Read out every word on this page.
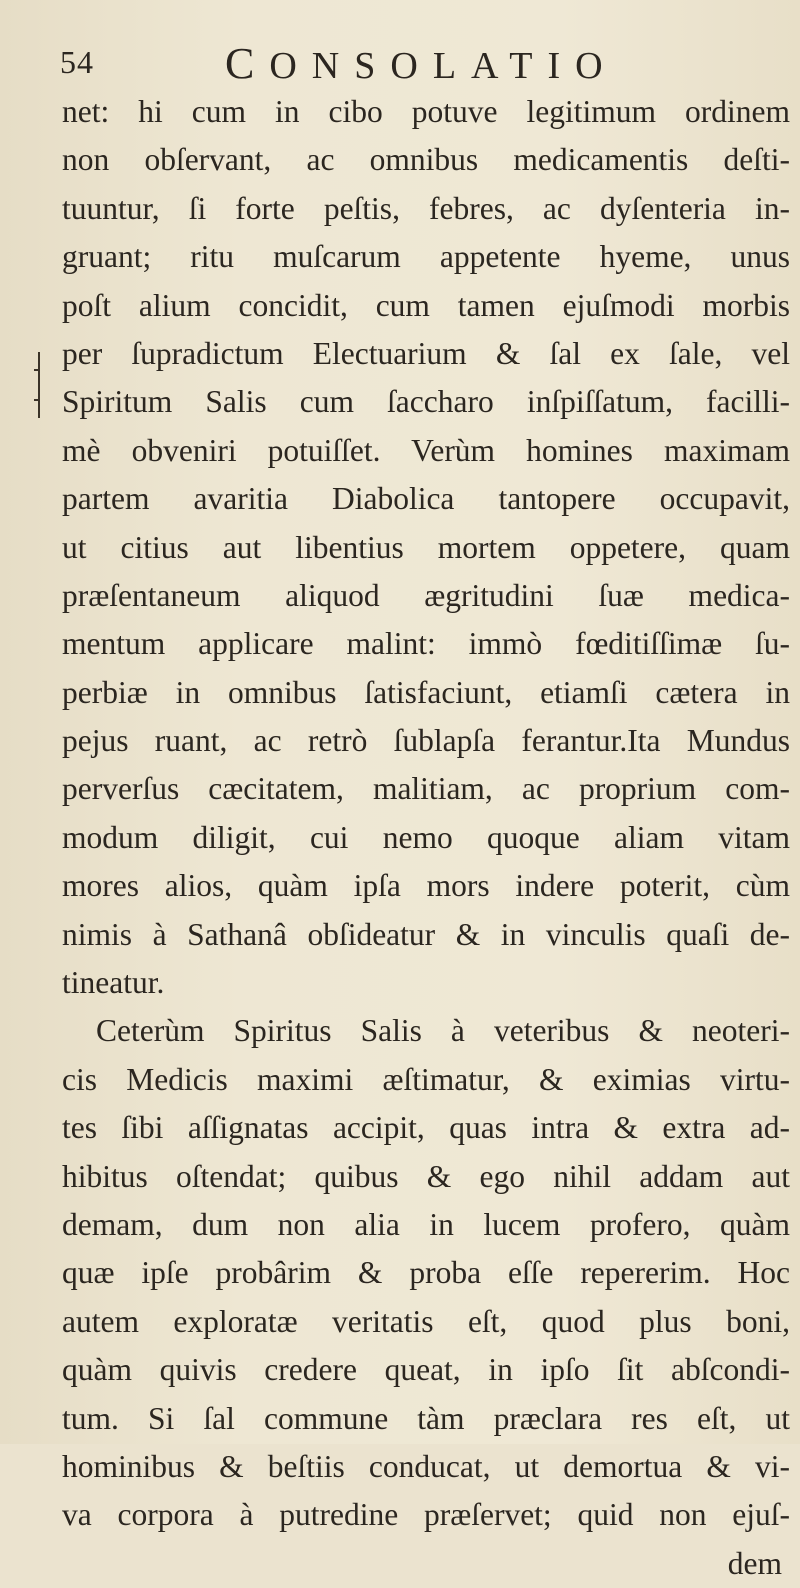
54	CONSOLATIO
net: hi cum in cibo potuve legitimum ordinem
non obſervant, ac omnibus medicamentis deſti-
tuuntur, ſi forte peſtis, febres, ac dyſenteria in-
gruant; ritu muſcarum appetente hyeme, unus
poſt alium concidit, cum tamen ejuſmodi morbis
per ſupradictum Electuarium & ſal ex ſale, vel
Spiritum Salis cum ſaccharo inſpiſſatum, facilli-
mè obveniri potuiſſet. Verùm homines maximam
partem avaritia Diabolica tantopere occupavit,
ut citius aut libentius mortem oppetere, quam
præſentaneum aliquod ægritudini ſuæ medica-
mentum applicare malint: immò fœditiſſimæ ſu-
perbiæ in omnibus ſatisfaciunt, etiamſi cætera in
pejus ruant, ac retrò ſublapſa ferantur.Ita Mundus
perverſus cæcitatem, malitiam, ac proprium com-
modum diligit, cui nemo quoque aliam vitam
mores alios, quàm ipſa mors indere poterit, cùm
nimis à Sathanâ obſideatur & in vinculis quaſi de-
tineatur.
Ceterùm Spiritus Salis à veteribus & neoteri-
cis Medicis maximi æſtimatur, & eximias virtu-
tes ſibi aſſignatas accipit, quas intra & extra ad-
hibitus oſtendat; quibus & ego nihil addam aut
demam, dum non alia in lucem profero, quàm
quæ ipſe probârim & proba eſſe repererim. Hoc
autem exploratæ veritatis eſt, quod plus boni,
quàm quivis credere queat, in ipſo ſit abſcondi-
tum. Si ſal commune tàm præclara res eſt, ut
hominibus & beſtiis conducat, ut demortua & vi-
va corpora à putredine præſervet; quid non ejuſ-
dem
